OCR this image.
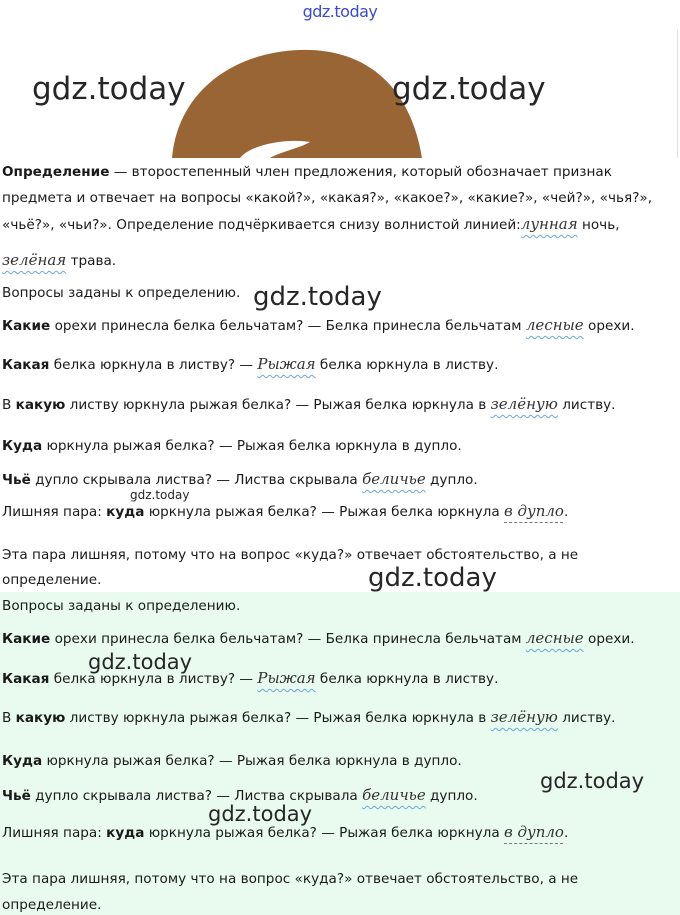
gdz.today
Определение — второстепенный член предложения, который обозначает признак
предмета и отвечает на вопросы «какой?», «какая?», «какое?», «какие?», «чей?», «чья?»,
«чьё?», «чьи?». Определение подчёркивается снизу волнистой линией:лунная ночь,
зелёная трава.
Вопросы заданы к определению.
Какие орехи принесла белка бельчатам? — Белка принесла бельчатам лесные орехи.
Какая белка юркнула в листву? — Рыжая белка юркнула в листву.
В какую листву юркнула рыжая белка? — Рыжая белка юркнула в зелёную листву.
Куда юркнула рыжая белка? — Рыжая белка юркнула в дупло.
Чьё дупло скрывала листва? — Листва скрывала беличье дупло.
Лишняя пара: куда юркнула рыжая белка? — Рыжая белка юркнула в дупло.
Эта пара лишняя, потому что на вопрос «куда?» отвечает обстоятельство, а не
определение.
Вопросы заданы к определению.
Какие орехи принесла белка бельчатам? — Белка принесла бельчатам лесные орехи.
Какая белка юркнула в листву? — Рыжая белка юркнула в листву.
В какую листву юркнула рыжая белка? — Рыжая белка юркнула в зелёную листву.
Куда юркнула рыжая белка? — Рыжая белка юркнула в дупло.
Чьё дупло скрывала листва? — Листва скрывала беличье дупло.
Лишняя пара: куда юркнула рыжая белка? — Рыжая белка юркнула в дупло.
Эта пара лишняя, потому что на вопрос «куда?» отвечает обстоятельство, а не
определение.
gdz.today	gdz.today
gdz.today
gdz.today
gdz.today
gdz.today
gdz.today
gdz.today
